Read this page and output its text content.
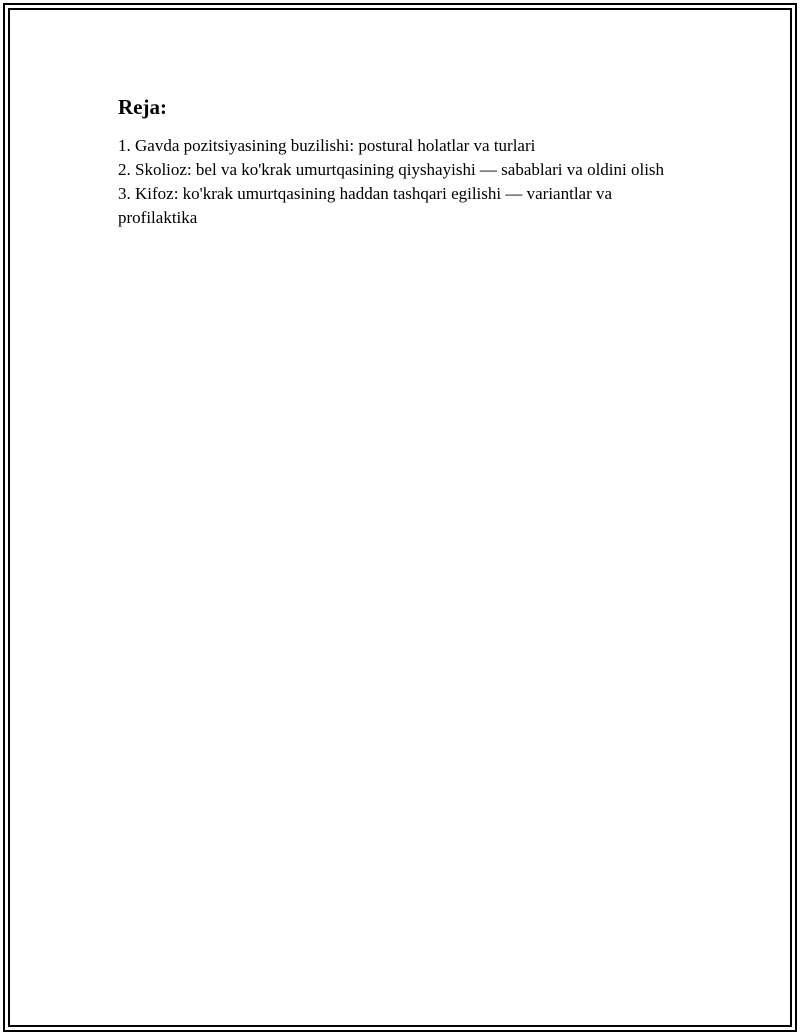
Reja:
1. Gavda pozitsiyasining buzilishi: postural holatlar va turlari
2. Skolioz: bel va ko'krak umurtqasining qiyshayishi — sabablari va oldini olish
3. Kifoz: ko'krak umurtqasining haddan tashqari egilishi — variantlar va profilaktika
